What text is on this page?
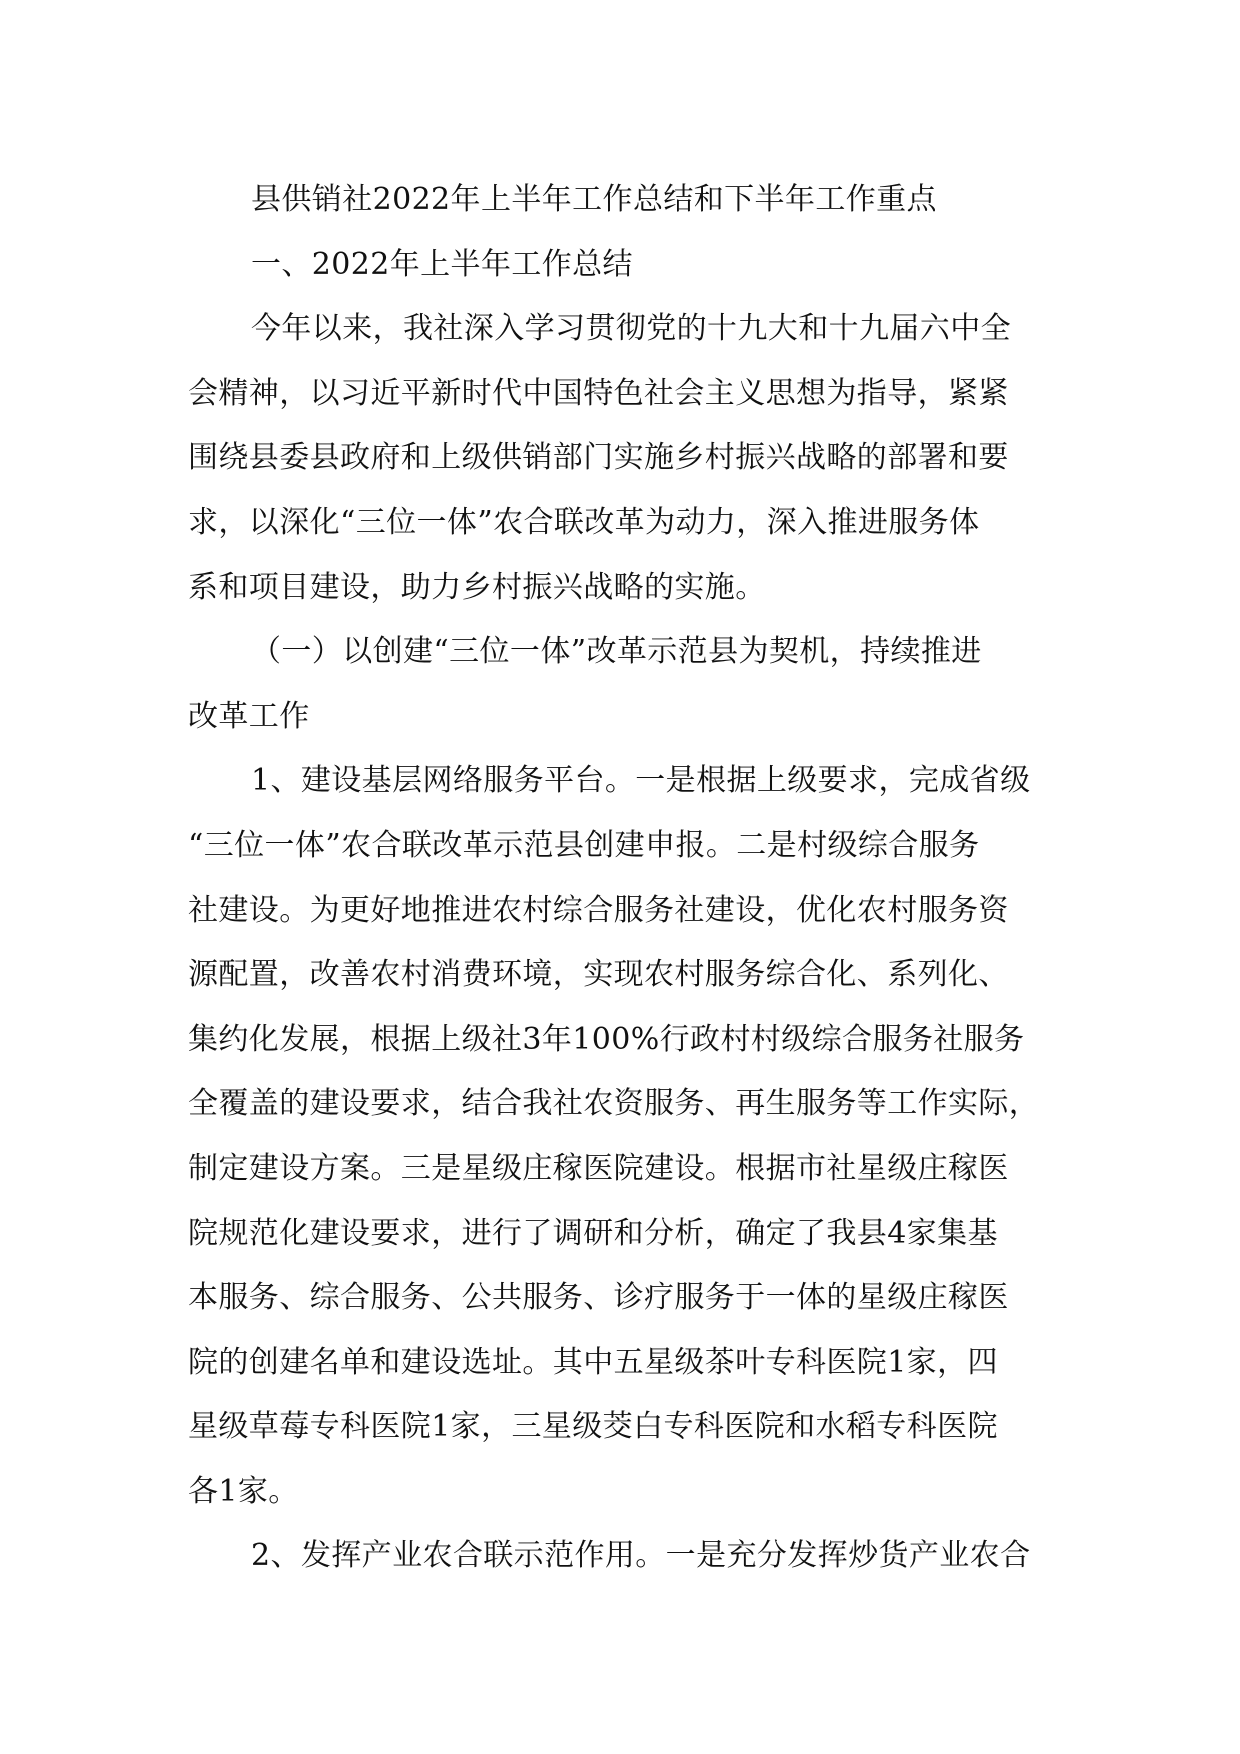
县供销社2022年上半年工作总结和下半年工作重点
一、2022年上半年工作总结
今年以来，我社深入学习贯彻党的十九大和十九届六中全
会精神，以习近平新时代中国特色社会主义思想为指导，紧紧
围绕县委县政府和上级供销部门实施乡村振兴战略的部署和要
求，以深化“三位一体”农合联改革为动力，深入推进服务体
系和项目建设，助力乡村振兴战略的实施。
（一）以创建“三位一体”改革示范县为契机，持续推进
改革工作
1、建设基层网络服务平台。一是根据上级要求，完成省级
“三位一体”农合联改革示范县创建申报。二是村级综合服务
社建设。为更好地推进农村综合服务社建设，优化农村服务资
源配置，改善农村消费环境，实现农村服务综合化、系列化、
集约化发展，根据上级社3年100%行政村村级综合服务社服务
全覆盖的建设要求，结合我社农资服务、再生服务等工作实际，
制定建设方案。三是星级庄稼医院建设。根据市社星级庄稼医
院规范化建设要求，进行了调研和分析，确定了我县4家集基
本服务、综合服务、公共服务、诊疗服务于一体的星级庄稼医
院的创建名单和建设选址。其中五星级茶叶专科医院1家，四
星级草莓专科医院1家，三星级茭白专科医院和水稻专科医院
各1家。
2、发挥产业农合联示范作用。一是充分发挥炒货产业农合
